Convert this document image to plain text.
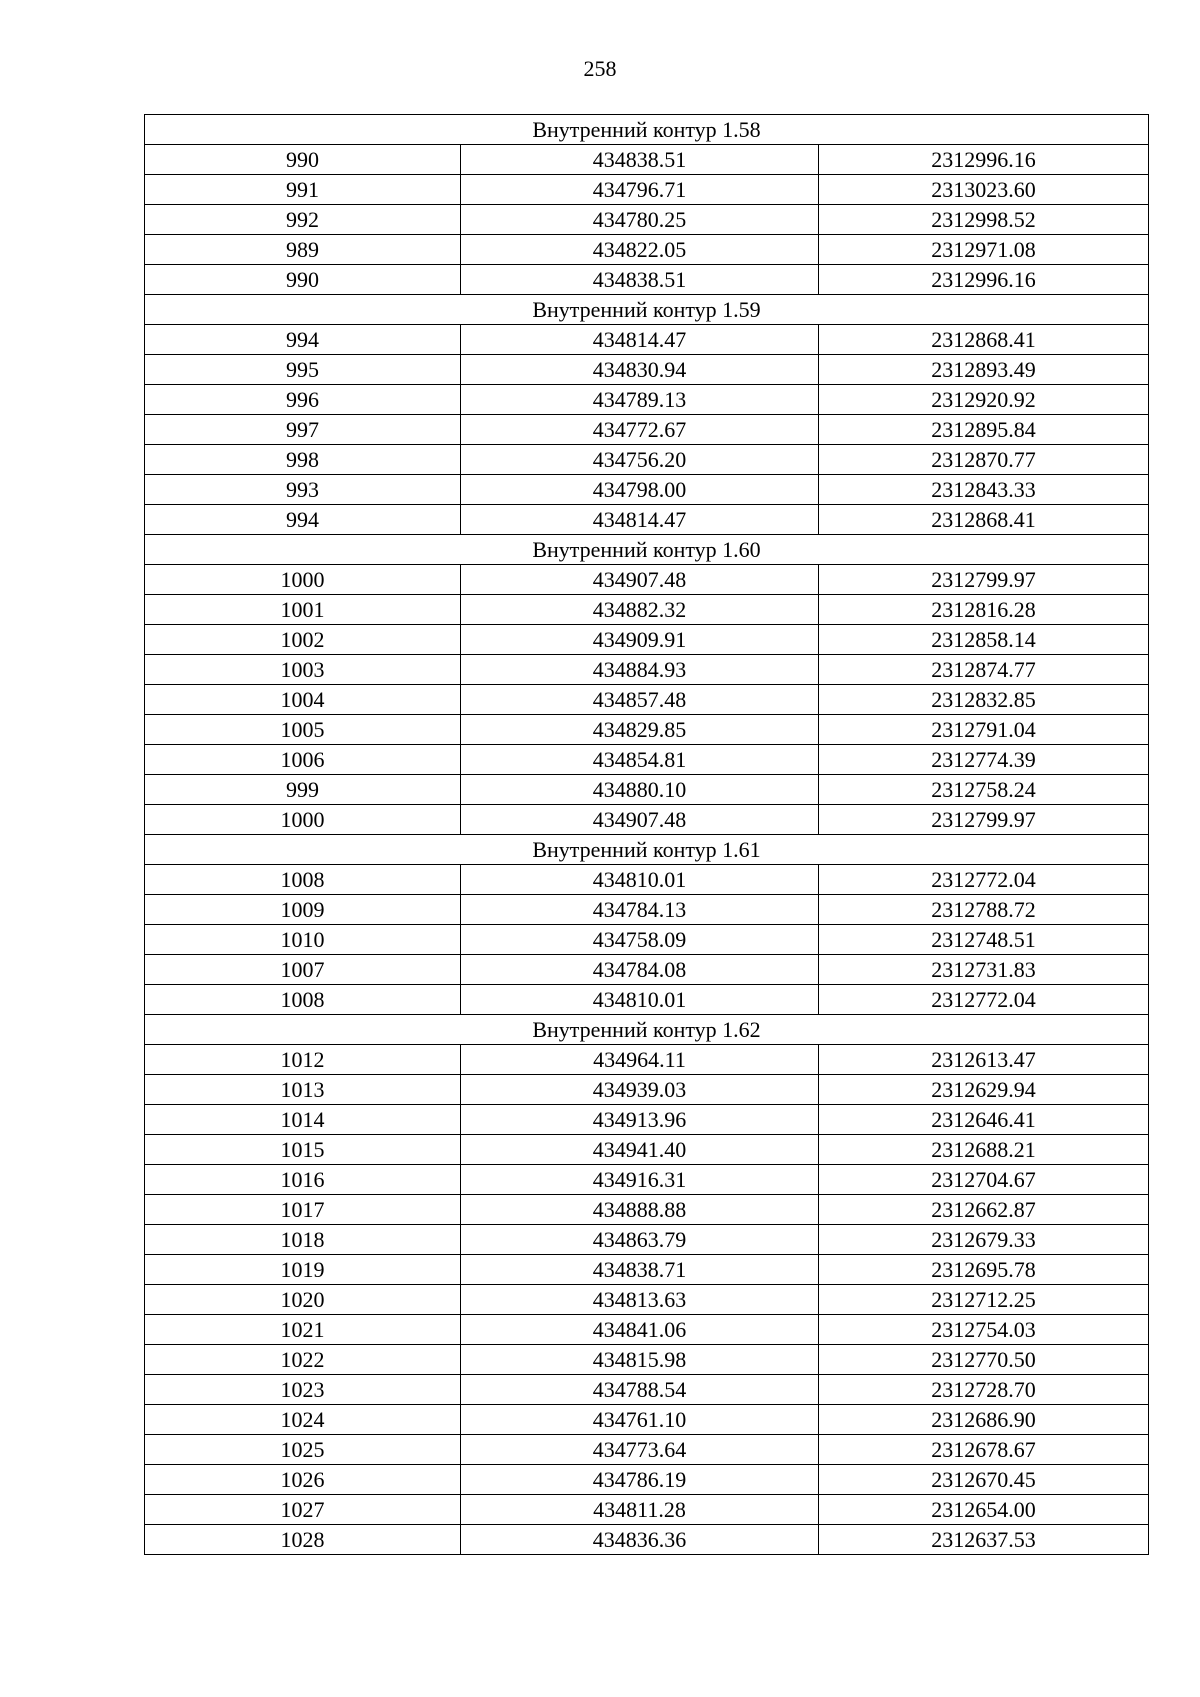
258
Внутренний контур 1.58		
990	434838.51	2312996.16
991	434796.71	2313023.60
992	434780.25	2312998.52
989	434822.05	2312971.08
990	434838.51	2312996.16
Внутренний контур 1.59		
994	434814.47	2312868.41
995	434830.94	2312893.49
996	434789.13	2312920.92
997	434772.67	2312895.84
998	434756.20	2312870.77
993	434798.00	2312843.33
994	434814.47	2312868.41
Внутренний контур 1.60		
1000	434907.48	2312799.97
1001	434882.32	2312816.28
1002	434909.91	2312858.14
1003	434884.93	2312874.77
1004	434857.48	2312832.85
1005	434829.85	2312791.04
1006	434854.81	2312774.39
999	434880.10	2312758.24
1000	434907.48	2312799.97
Внутренний контур 1.61		
1008	434810.01	2312772.04
1009	434784.13	2312788.72
1010	434758.09	2312748.51
1007	434784.08	2312731.83
1008	434810.01	2312772.04
Внутренний контур 1.62		
1012	434964.11	2312613.47
1013	434939.03	2312629.94
1014	434913.96	2312646.41
1015	434941.40	2312688.21
1016	434916.31	2312704.67
1017	434888.88	2312662.87
1018	434863.79	2312679.33
1019	434838.71	2312695.78
1020	434813.63	2312712.25
1021	434841.06	2312754.03
1022	434815.98	2312770.50
1023	434788.54	2312728.70
1024	434761.10	2312686.90
1025	434773.64	2312678.67
1026	434786.19	2312670.45
1027	434811.28	2312654.00
1028	434836.36	2312637.53
